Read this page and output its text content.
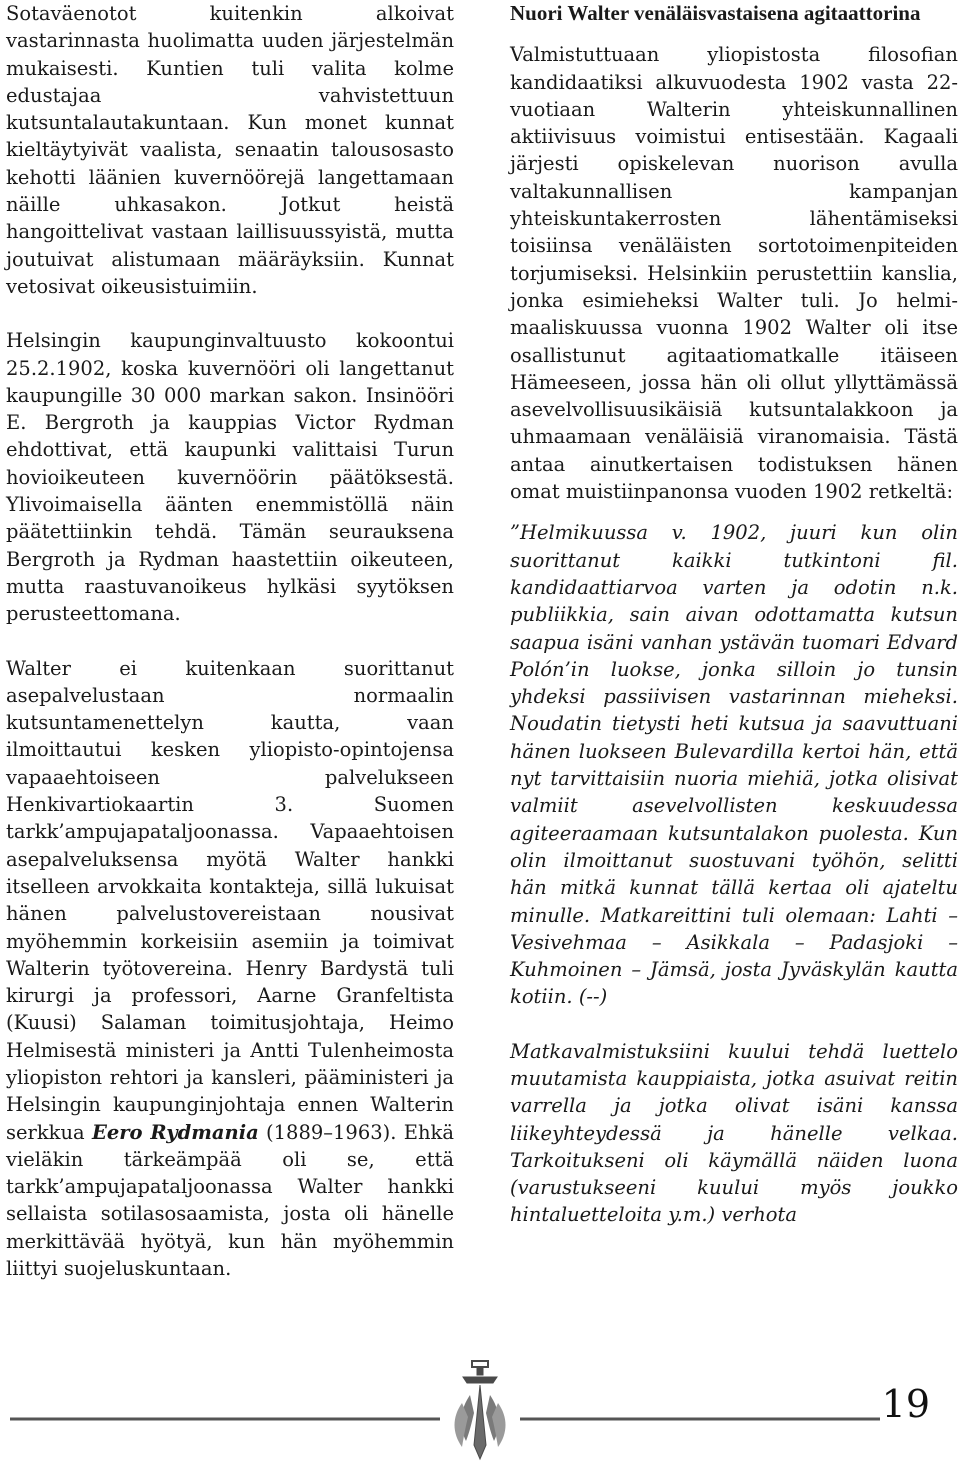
Sotaväenotot kuitenkin alkoivat vastarinnasta huolimatta uuden järjestelmän mukaisesti. Kuntien tuli valita kolme edustajaa vahvistettuun kutsuntalautakuntaan. Kun monet kunnat kieltäytyivät vaalista, senaatin talousosasto kehotti läänien kuvernöörejä langettamaan näille uhkasakon. Jotkut heistä hangoittelivat vastaan laillisuussyistä, mutta joutuivat alistumaan määräyksiin. Kunnat vetosivat oikeusistuimiin.

Helsingin kaupunginvaltuusto kokoontui 25.2.1902, koska kuvernööri oli langettanut kaupungille 30 000 markan sakon. Insinööri E. Bergroth ja kauppias Victor Rydman ehdottivat, että kaupunki valittaisi Turun hovioikeuteen kuvernöörin päätöksestä. Ylivoimaisella äänten enemmistöllä näin päätettiinkin tehdä. Tämän seurauksena Bergroth ja Rydman haastettiin oikeuteen, mutta raastuvanoikeus hylkäsi syytöksen perusteettomana.

Walter ei kuitenkaan suorittanut asepalvelustaan normaalin kutsuntamenettelyn kautta, vaan ilmoittautui kesken yliopisto-opintojensa vapaaehtoiseen palvelukseen Henkivartiokaartin 3. Suomen tarkk’ampujapataljoonassa. Vapaaehtoisen asepalveluksensa myötä Walter hankki itselleen arvokkaita kontakteja, sillä lukuisat hänen palvelustovereistaan nousivat myöhemmin korkeisiin asemiin ja toimivat Walterin työtovereina. Henry Bardystä tuli kirurgi ja professori, Aarne Granfeltista (Kuusi) Salaman toimitusjohtaja, Heimo Helmisestä ministeri ja Antti Tulenheimosta yliopiston rehtori ja kansleri, pääministeri ja Helsingin kaupunginjohtaja ennen Walterin serkkua Eero Rydmania (1889–1963). Ehkä vieläkin tärkeämpää oli se, että tarkk’ampujapataljoonassa Walter hankki sellaista sotilasosaamista, josta oli hänelle merkittävää hyötyä, kun hän myöhemmin liittyi suojeluskuntaan.

Nuori Walter venäläisvastaisena agitaattorina

Valmistuttuaan yliopistosta filosofian kandidaatiksi alkuvuodesta 1902 vasta 22-vuotiaan Walterin yhteiskunnallinen aktiivisuus voimistui entisestään. Kagaali järjesti opiskelevan nuorison avulla valtakunnallisen kampanjan yhteiskuntakerrosten lähentämiseksi toisiinsa venäläisten sortotoimenpiteiden torjumiseksi. Helsinkiin perustettiin kanslia, jonka esimieheksi Walter tuli. Jo helmi-maaliskuussa vuonna 1902 Walter oli itse osallistunut agitaatiomatkalle itäiseen Hämeeseen, jossa hän oli ollut yllyttämässä asevelvollisuusikäisiä kutsuntalakkoon ja uhmaamaan venäläisiä viranomaisia. Tästä antaa ainutkertaisen todistuksen hänen omat muistiinpanonsa vuoden 1902 retkeltä:

”Helmikuussa v. 1902, juuri kun olin suorittanut kaikki tutkintoni fil. kandidaattiarvoa varten ja odotin n.k. publiikkia, sain aivan odottamatta kutsun saapua isäni vanhan ystävän tuomari Edvard Polón’in luokse, jonka silloin jo tunsin yhdeksi passiivisen vastarinnan mieheksi. Noudatin tietysti heti kutsua ja saavuttuani hänen luokseen Bulevardilla kertoi hän, että nyt tarvittaisiin nuoria miehiä, jotka olisivat valmiit asevelvollisten keskuudessa agiteeraamaan kutsuntalakon puolesta. Kun olin ilmoittanut suostuvani työhön, selitti hän mitkä kunnat tällä kertaa oli ajateltu minulle. Matkareittini tuli olemaan: Lahti – Vesivehmaa – Asikkala – Padasjoki – Kuhmoinen – Jämsä, josta Jyväskylän kautta kotiin. (--)

Matkavalmistuksiini kuului tehdä luettelo muutamista kauppiaista, jotka asuivat reitin varrella ja jotka olivat isäni kanssa liikeyhteydessä ja hänelle velkaa. Tarkoitukseni oli käymällä näiden luona (varustukseeni kuului myös joukko hintaluetteloita y.m.) verhota

19
